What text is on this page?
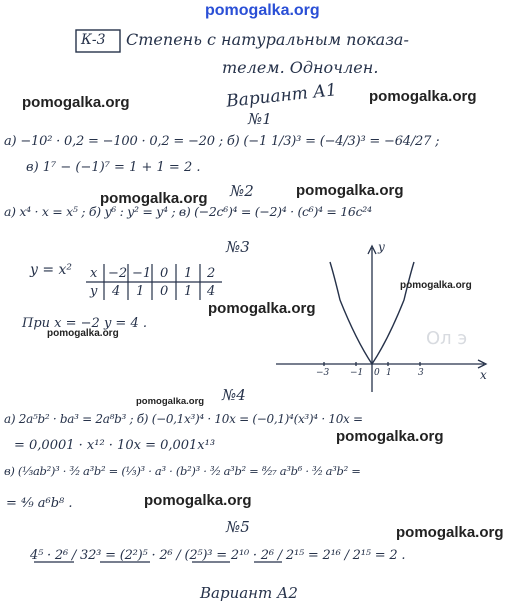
Ол э
pomogalka.org
К-3 Степень с натуральным показа-
телем. Одночлен.
Вариант А1
pomogalka.org	pomogalka.org
№1
а) −10² · 0,2 = −100 · 0,2 = −20 ; б) (−1 1/3)³ = (−4/3)³ = −64/27 ;
в) 1⁷ − (−1)⁷ = 1 + 1 = 2 .
pomogalka.org №2	pomogalka.org
а) x⁴ · x = x⁵ ; б) y⁶ : y² = y⁴ ; в) (−2c⁶)⁴ = (−2)⁴ · (c⁶)⁴ = 16c²⁴
№3
y = x² x −2 −1 0 1 2
y 4 1 0 1 4	pomogalka.org
pomogalka.org
При x = −2 y = 4 .
pomogalka.org
y
x
−3 −1 0 1	3
pomogalka.org №4
а) 2a⁵b² · ba³ = 2a⁸b³ ; б) (−0,1x³)⁴ · 10x = (−0,1)⁴(x³)⁴ · 10x =
pomogalka.org
= 0,0001 · x¹² · 10x = 0,001x¹³
в) (⅓ab²)³ · ³⁄₂ a³b² = (⅓)³ · a³ · (b²)³ · ³⁄₂ a³b² = ⁸⁄₂₇ a³b⁶ · ³⁄₂ a³b² =
pomogalka.org
= ⁴⁄₉ a⁶b⁸ .
№5	pomogalka.org
4⁵ · 2⁶ / 32³ = (2²)⁵ · 2⁶ / (2⁵)³ = 2¹⁰ · 2⁶ / 2¹⁵ = 2¹⁶ / 2¹⁵ = 2 .
Вариант А2
